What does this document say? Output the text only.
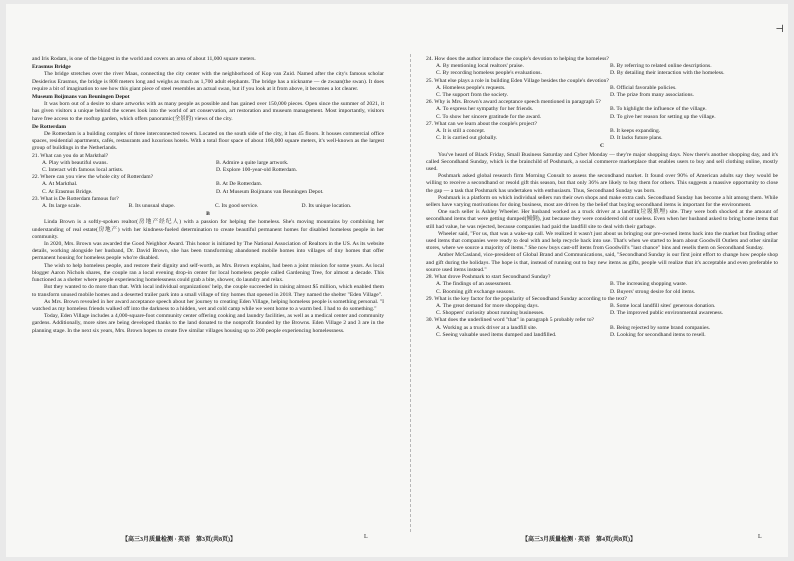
⊣

and Iris Rodam, is one of the biggest in the world and covers an area of about 11,000 square meters.

Erasmus Bridge

The bridge stretches over the river Maas, connecting the city center with the neighborhood of Kop van Zuid. Named after the city's famous scholar Desiderius Erasmus, the bridge is 808 meters long and weighs as much as 1,700 adult elephants. The bridge has a nickname — de zwaan(the swan). It does require a bit of imagination to see how this giant piece of steel resembles an actual swan, but if you look at it from above, it becomes a lot clearer.

Museum Boijmans van Beuningen Depot

It was born out of a desire to share artworks with as many people as possible and has gained over 150,000 pieces. Open since the summer of 2021, it has given visitors a unique behind the scenes look into the world of art conservation, art restoration and museum management. Most importantly, visitors have free access to the rooftop garden, which offers panoramic(全景的) views of the city.

De Rotterdam

De Rotterdam is a building complex of three interconnected towers. Located on the south side of the city, it has 45 floors. It houses commercial office spaces, residential apartments, cafés, restaurants and luxurious hotels. With a total floor space of about 160,000 square meters, it's well-known as the largest group of buildings in the Netherlands.

21. What can you do at Markthal?

A. Play with beautiful swans.	B. Admire a quite large artwork.
C. Interact with famous local artists.	D. Explore 100-year-old Rotterdam.

22. Where can you view the whole city of Rotterdam?

A. At Markthal.	B. At De Rotterdam.
C. At Erasmus Bridge.	D. At Museum Boijmans van Beuningen Depot.

23. What is De Rotterdam famous for?

A. Its large scale.	B. Its unusual shape.	C. Its good service.	D. Its unique location.

B

Linda Brown is a softly-spoken realtor(房地产经纪人) with a passion for helping the homeless. She's moving mountains by combining her understanding of real estate(房地产) with her kindness-fueled determination to create beautiful permanent homes for disabled homeless people in her community.

In 2020, Mrs. Brown was awarded the Good Neighbor Award. This honor is initiated by The National Association of Realtors in the US. As its website details, working alongside her husband, Dr. David Brown, she has been transforming abandoned mobile homes into villages of tiny homes that offer permanent housing for homeless people who're disabled.

The wish to help homeless people, and restore their dignity and self-worth, as Mrs. Brown explains, had been a joint mission for some years. As local blogger Aaron Nichols shares, the couple ran a local evening drop-in center for local homeless people called Gardening Tree, for almost a decade. This functioned as a shelter where people experiencing homelessness could grab a bite, shower, do laundry and relax.

But they wanted to do more than that. With local individual organizations' help, the couple succeeded in raising almost $5 million, which enabled them to transform unused mobile homes and a deserted trailer park into a small village of tiny homes that opened in 2018. They named the shelter "Eden Village".

As Mrs. Brown revealed in her award acceptance speech about her journey to creating Eden Village, helping homeless people is something personal. "I watched as my homeless friends walked off into the darkness to a hidden, wet and cold camp while we went home to a warm bed. I had to do something."

Today, Eden Village includes a 4,000-square-foot community center offering cooking and laundry facilities, as well as a medical center and community gardens. Additionally, more sites are being developed thanks to the land donated to the nonprofit founded by the Browns. Eden Village 2 and 3 are in the planning stage. In the next six years, Mrs. Brown hopes to create five similar villages housing up to 200 people experiencing homelessness.

24. How does the author introduce the couple's devotion to helping the homeless?

A. By mentioning local realtors' praise.	B. By referring to related online descriptions.
C. By recording homeless people's evaluations.	D. By detailing their interaction with the homeless.

25. What else plays a role in building Eden Village besides the couple's devotion?

A. Homeless people's requests.	B. Official favorable policies.
C. The support from the society.	D. The prize from many associations.

26. Why is Mrs. Brown's award acceptance speech mentioned in paragraph 5?

A. To express her sympathy for her friends.	B. To highlight the influence of the village.
C. To show her sincere gratitude for the award.	D. To give her reason for setting up the village.

27. What can we learn about the couple's project?

A. It is still a concept.	B. It keeps expanding.
C. It is carried out globally.	D. It lacks future plans.

C

You've heard of Black Friday, Small Business Saturday and Cyber Monday — they're major shopping days. Now there's another shopping day, and it's called Secondhand Sunday, which is the brainchild of Poshmark, a social commerce marketplace that enables users to buy and sell clothing online, mostly used.

Poshmark asked global research firm Morning Consult to assess the secondhand market. It found over 90% of American adults say they would be willing to receive a secondhand or resold gift this season, but that only 36% are likely to buy them for others. This suggests a massive opportunity to close the gap — a task that Poshmark has undertaken with enthusiasm. Thus, Secondhand Sunday was born.

Poshmark is a platform on which individual sellers run their own shops and make extra cash. Secondhand Sunday has become a hit among them. While sellers have varying motivations for doing business, most are driven by the belief that buying secondhand items is important for the environment.

One such seller is Ashley Wheeler. Her husband worked as a truck driver at a landfill(垃圾填埋) site. They were both shocked at the amount of secondhand items that were getting dumped(倾倒), just because they were considered old or useless. Even when her husband asked to bring home items that still had value, he was rejected, because companies had paid the landfill site to deal with their garbage.

Wheeler said, "For us, that was a wake-up call. We realized it wasn't just about us bringing our pre-owned items back into the market but finding other used items that companies were ready to deal with and help recycle back into use. That's when we started to learn about Goodwill Outlets and other similar stores, where we source a majority of items." She now buys cast-off items from Goodwill's "last chance" bins and resells them on Secondhand Sunday.

Amber McCasland, vice-president of Global Brand and Communications, said, "Secondhand Sunday is our first joint effort to change how people shop and gift during the holidays. The hope is that, instead of running out to buy new items as gifts, people will realize that it's acceptable and even preferable to source used items instead."

28. What drove Poshmark to start Secondhand Sunday?

A. The findings of an assessment.	B. The increasing shopping waste.
C. Booming gift exchange seasons.	D. Buyers' strong desire for old items.

29. What is the key factor for the popularity of Secondhand Sunday according to the text?

A. The great demand for more shopping days.	B. Some local landfill sites' generous donation.
C. Shoppers' curiosity about running businesses.	D. The improved public environmental awareness.

30. What does the underlined word "that" in paragraph 5 probably refer to?

A. Working as a truck driver at a landfill site.	B. Being rejected by some brand companies.
C. Seeing valuable used items dumped and landfilled.	D. Looking for secondhand items to resell.
【高三3月质量检测 · 英语　第3页(共8页)】	L	【高三3月质量检测 · 英语　第4页(共8页)】	L
